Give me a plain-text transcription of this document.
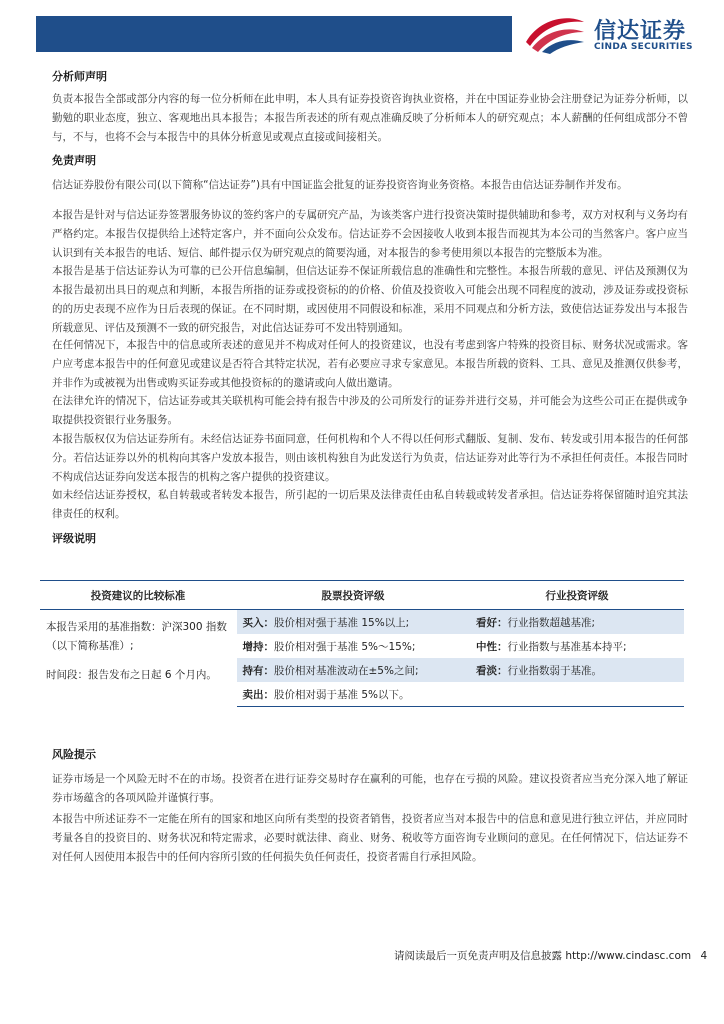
信达证券
CINDA SECURITIES
分析师声明

负责本报告全部或部分内容的每一位分析师在此申明，本人具有证券投资咨询执业资格，并在中国证券业协会注册登记为证券分析师，以勤勉的职业态度，独立、客观地出具本报告；本报告所表述的所有观点准确反映了分析师本人的研究观点；本人薪酬的任何组成部分不曾与，不与，也将不会与本报告中的具体分析意见或观点直接或间接相关。

免责声明

信达证券股份有限公司(以下简称“信达证券”)具有中国证监会批复的证券投资咨询业务资格。本报告由信达证券制作并发布。

本报告是针对与信达证券签署服务协议的签约客户的专属研究产品，为该类客户进行投资决策时提供辅助和参考，双方对权利与义务均有严格约定。本报告仅提供给上述特定客户，并不面向公众发布。信达证券不会因接收人收到本报告而视其为本公司的当然客户。客户应当认识到有关本报告的电话、短信、邮件提示仅为研究观点的简要沟通，对本报告的参考使用须以本报告的完整版本为准。

本报告是基于信达证券认为可靠的已公开信息编制，但信达证券不保证所载信息的准确性和完整性。本报告所载的意见、评估及预测仅为本报告最初出具日的观点和判断，本报告所指的证券或投资标的的价格、价值及投资收入可能会出现不同程度的波动，涉及证券或投资标的的历史表现不应作为日后表现的保证。在不同时期，或因使用不同假设和标准，采用不同观点和分析方法，致使信达证券发出与本报告所载意见、评估及预测不一致的研究报告，对此信达证券可不发出特别通知。

在任何情况下，本报告中的信息或所表述的意见并不构成对任何人的投资建议，也没有考虑到客户特殊的投资目标、财务状况或需求。客户应考虑本报告中的任何意见或建议是否符合其特定状况，若有必要应寻求专家意见。本报告所载的资料、工具、意见及推测仅供参考，并非作为或被视为出售或购买证券或其他投资标的的邀请或向人做出邀请。

在法律允许的情况下，信达证券或其关联机构可能会持有报告中涉及的公司所发行的证券并进行交易，并可能会为这些公司正在提供或争取提供投资银行业务服务。

本报告版权仅为信达证券所有。未经信达证券书面同意，任何机构和个人不得以任何形式翻版、复制、发布、转发或引用本报告的任何部分。若信达证券以外的机构向其客户发放本报告，则由该机构独自为此发送行为负责，信达证券对此等行为不承担任何责任。本报告同时不构成信达证券向发送本报告的机构之客户提供的投资建议。

如未经信达证券授权，私自转载或者转发本报告，所引起的一切后果及法律责任由私自转载或转发者承担。信达证券将保留随时追究其法律责任的权利。

评级说明
风险提示

证券市场是一个风险无时不在的市场。投资者在进行证券交易时存在赢利的可能，也存在亏损的风险。建议投资者应当充分深入地了解证券市场蕴含的各项风险并谨慎行事。

本报告中所述证券不一定能在所有的国家和地区向所有类型的投资者销售，投资者应当对本报告中的信息和意见进行独立评估，并应同时考量各自的投资目的、财务状况和特定需求，必要时就法律、商业、财务、税收等方面咨询专业顾问的意见。在任何情况下，信达证券不对任何人因使用本报告中的任何内容所引致的任何损失负任何责任，投资者需自行承担风险。

投资建议的比较标准	股票投资评级	行业投资评级

本报告采用的基准指数：沪深300 指数（以下简称基准）;
时间段：报告发布之日起 6 个月内。	买入：股价相对强于基准 15%以上;	看好：行业指数超越基准;
	增持：股价相对强于基准 5%～15%;	中性：行业指数与基准基本持平;
	持有：股价相对基准波动在±5%之间;	看淡：行业指数弱于基准。
	卖出：股价相对弱于基准 5%以下。	
请阅读最后一页免责声明及信息披露 http://www.cindasc.com 4
